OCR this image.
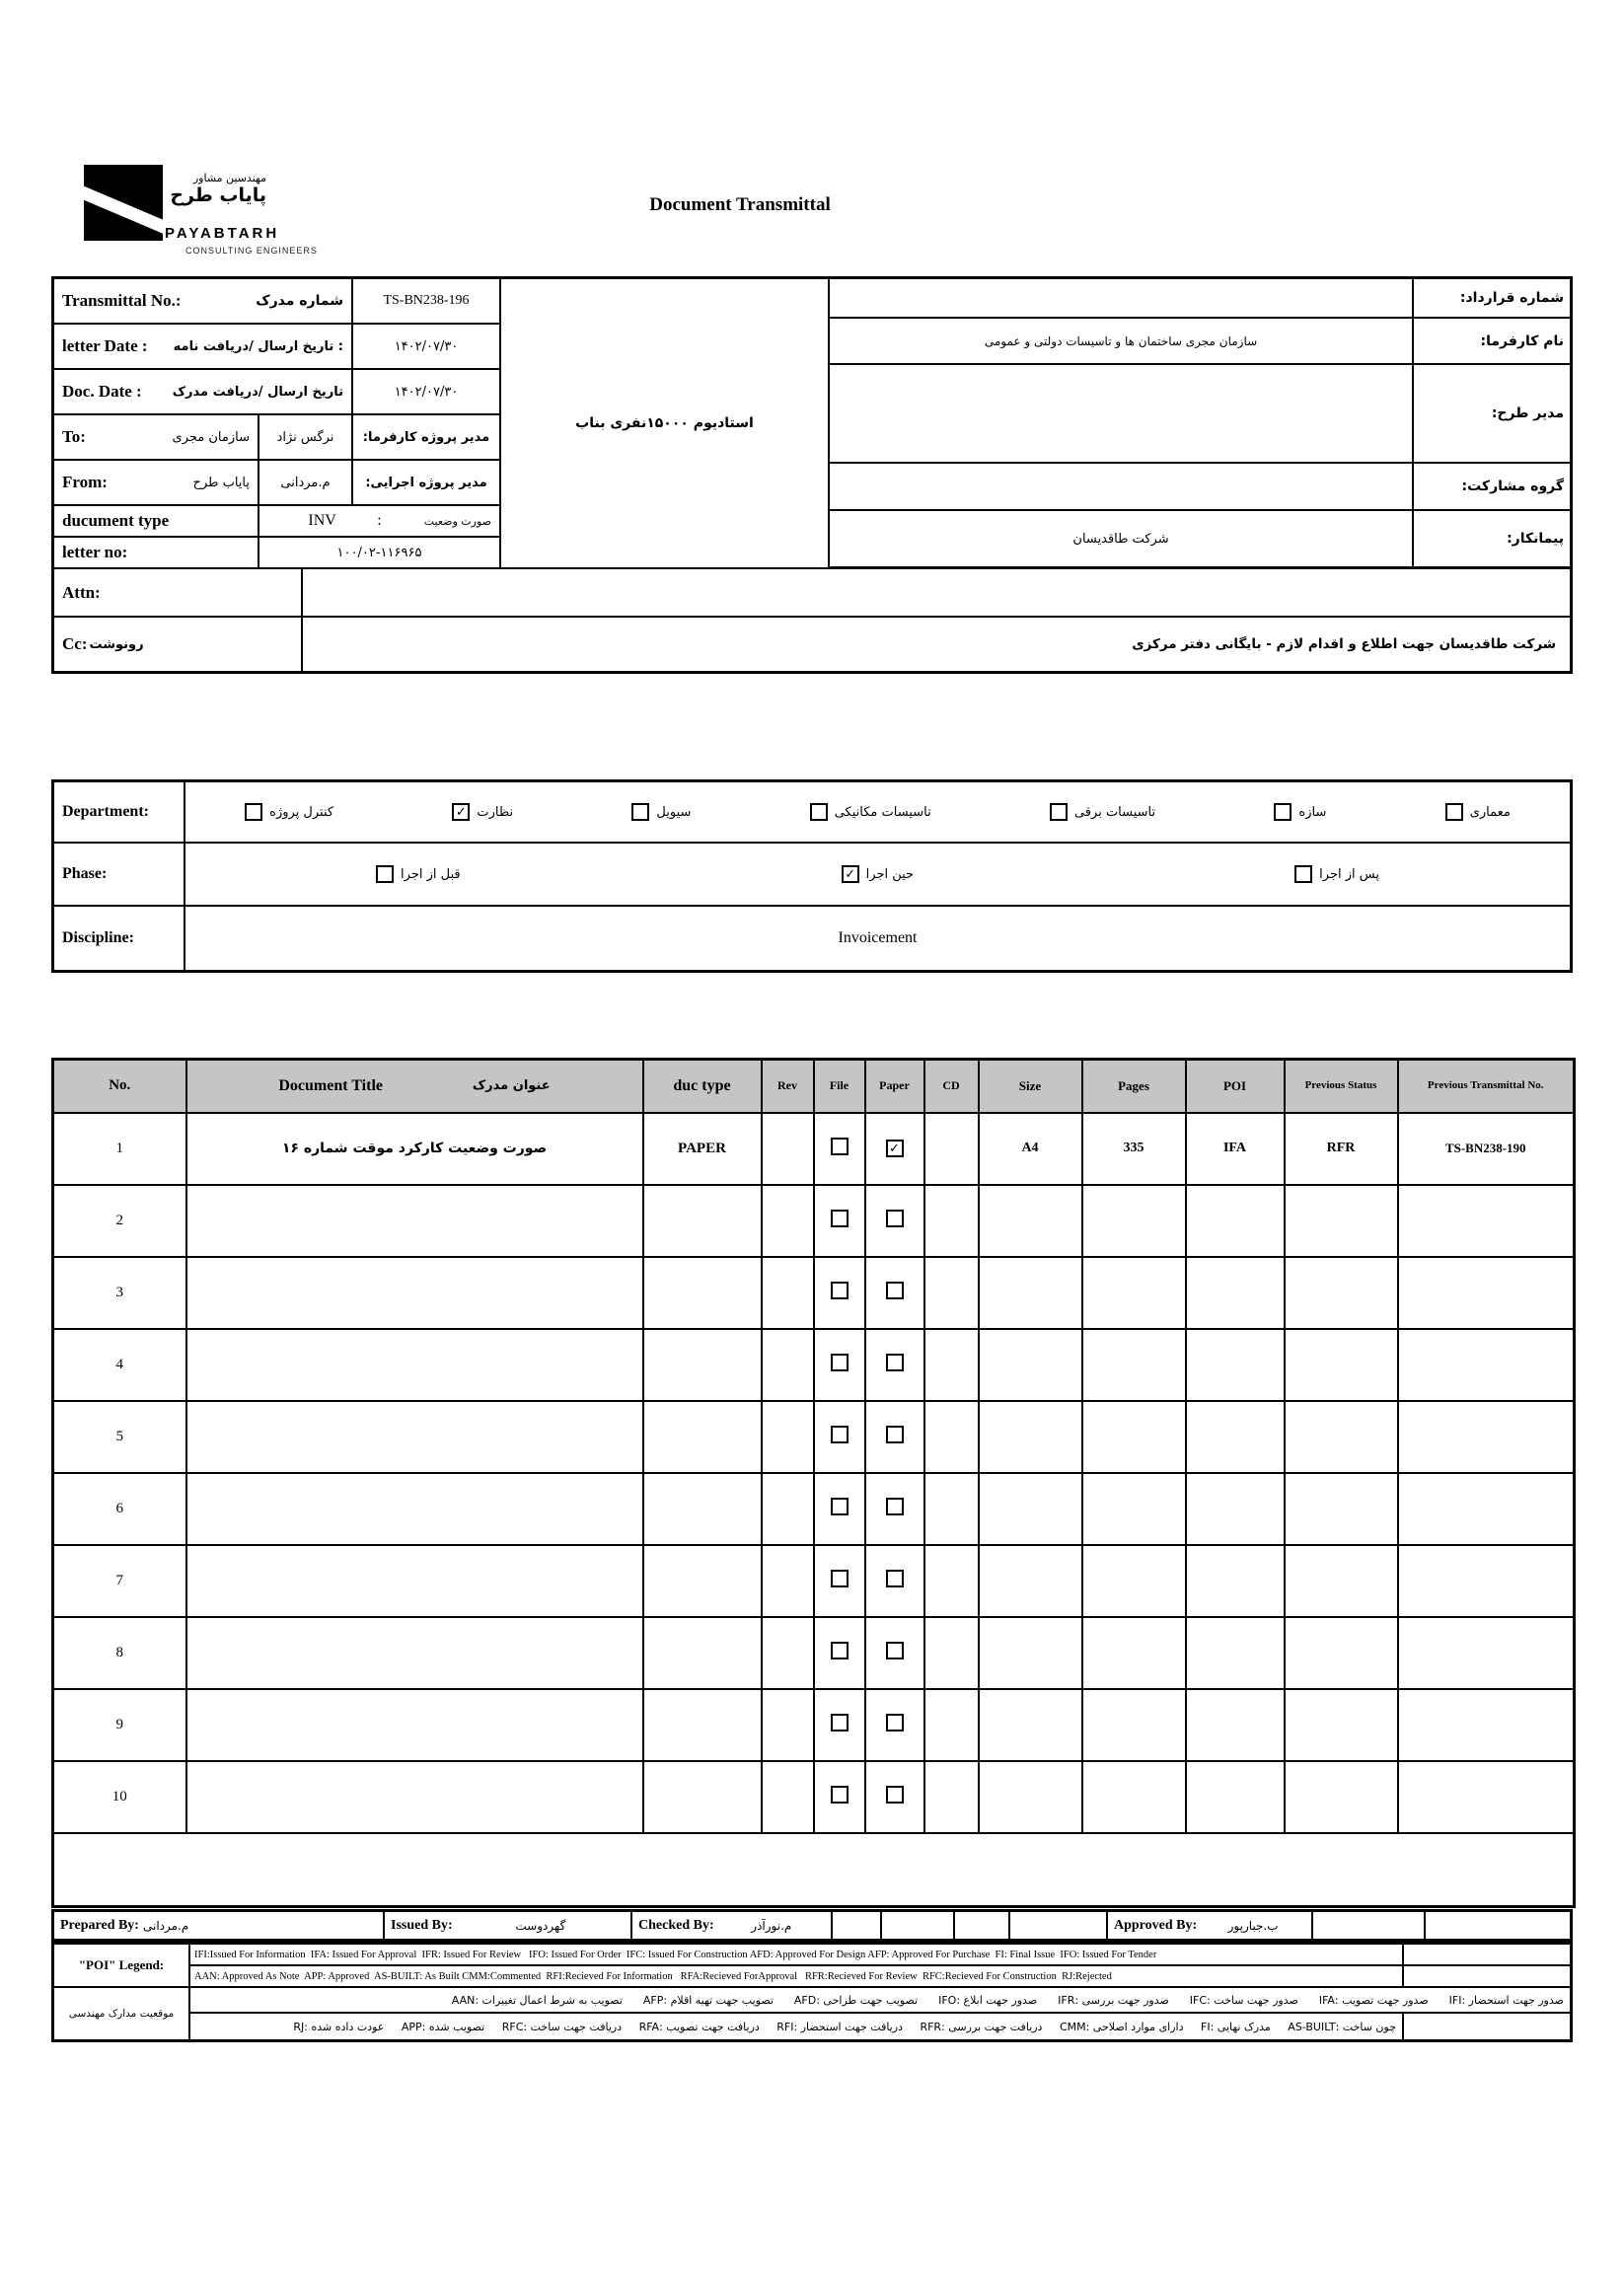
مهندسین مشاور
پایاب طرح
PAYABTARH
CONSULTING ENGINEERS
Document Transmittal
Transmittal No.:	شماره مدرک	TS-BN238-196
letter Date : تاریخ ارسال /دریافت نامه :	۱۴۰۲/۰۷/۳۰
Doc. Date : تاریخ ارسال /دریافت مدرک	۱۴۰۲/۰۷/۳۰
To:	سازمان مجری	نرگس نژاد	مدیر پروژه کارفرما:
From:	پایاب طرح	م.مردانی	مدیر پروژه اجرایی:
ducument type	INV	:	صورت وضعیت
letter no:	۱۰۰/۰۲-۱۱۶۹۶۵
استادیوم ۱۵۰۰۰نفری بناب
شماره قرارداد:
سازمان مجری ساختمان ها و تاسیسات دولتی و عمومی	نام کارفرما:
مدیر طرح:
گروه مشارکت:
شرکت طاقدیسان	پیمانکار:
Attn:
Cc: رونوشت	شرکت طاقدیسان جهت اطلاع و اقدام لازم - بایگانی دفتر مرکزی
Department:	کنترل پروژه	✓ نظارت	سیویل	تاسیسات مکانیکی	تاسیسات برقی	سازه	معماری
Phase:	قبل از اجرا	✓ حین اجرا	پس از اجرا
Discipline:	Invoicement
No.	Document Title عنوان مدرک	duc type	Rev	File	Paper	CD	Size	Pages	POI	Previous Status	Previous Transmittal No.
1	صورت وضعیت کارکرد موقت شماره ۱۶	PAPER			✓		A4	335	IFA	RFR	TS-BN238-190
2											
3											
4											
5											
6											
7											
8											
9											
10											

Prepared By: م.مردانی	Issued By:	گهردوست	Checked By:	م.نورآذر	Approved By:	ب.جبارپور
"POI" Legend:
موقعیت مدارک مهندسی
IFI:Issued For Information  IFA: Issued For Approval  IFR: Issued For Review   IFO: Issued For Order  IFC: Issued For Construction AFD: Approved For Design AFP: Approved For Purchase  FI: Final Issue  IFO: Issued For Tender
AAN: Approved As Note  APP: Approved  AS-BUILT: As Built CMM:Commented  RFI:Recieved For Information   RFA:Recieved ForApproval   RFR:Recieved For Review  RFC:Recieved For Construction  RJ:Rejected
صدور جهت استحضار :IFI      صدور جهت تصویب :IFA      صدور جهت ساخت :IFC      صدور جهت بررسی :IFR      صدور جهت ابلاغ :IFO      تصویب جهت طراحی :AFD      تصویب جهت تهیه اقلام :AFP      تصویب به شرط اعمال تغییرات :AAN
چون ساخت :AS-BUILT     مدرک نهایی :FI     دارای موارد اصلاحی :CMM     دریافت جهت بررسی :RFR     دریافت جهت استحضار :RFI     دریافت جهت تصویب :RFA     دریافت جهت ساخت :RFC     تصویب شده :APP     عودت داده شده :RJ
